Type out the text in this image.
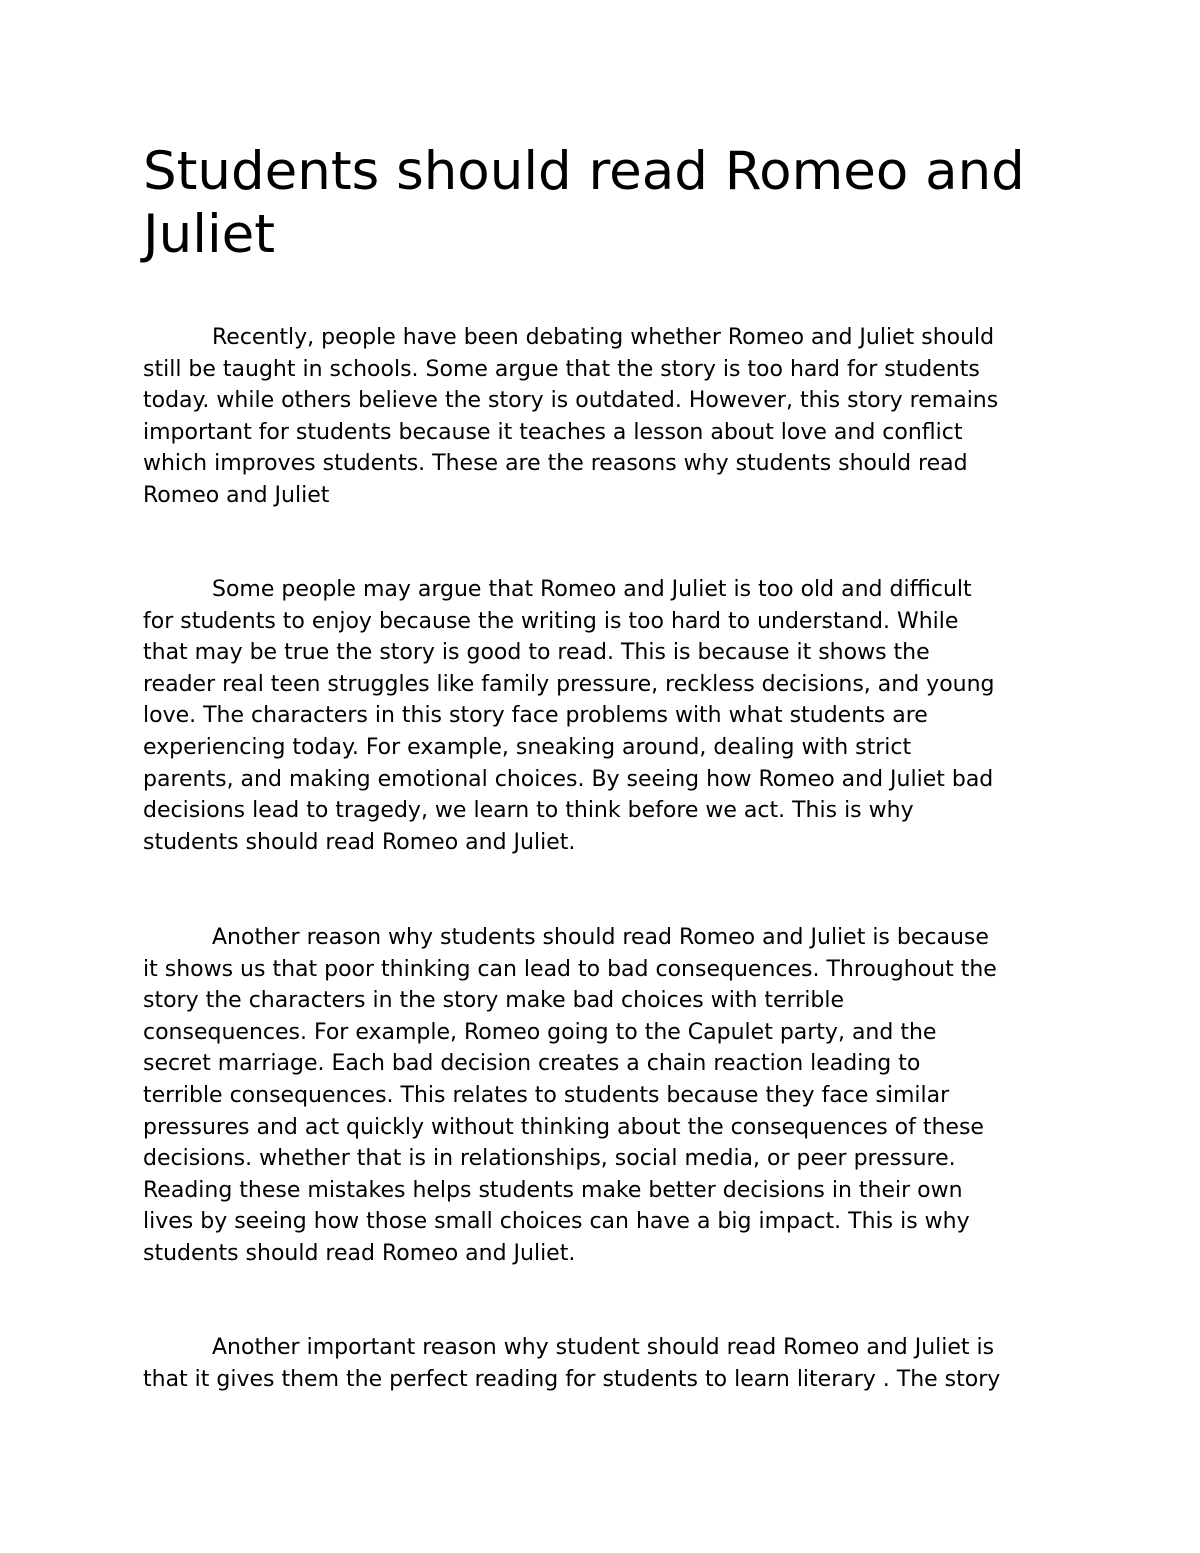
Students should read Romeo and
Juliet

Recently, people have been debating whether Romeo and Juliet should
still be taught in schools. Some argue that the story is too hard for students
today. while others believe the story is outdated. However, this story remains
important for students because it teaches a lesson about love and conflict
which improves students. These are the reasons why students should read
Romeo and Juliet

Some people may argue that Romeo and Juliet is too old and difficult
for students to enjoy because the writing is too hard to understand. While
that may be true the story is good to read. This is because it shows the
reader real teen struggles like family pressure, reckless decisions, and young
love. The characters in this story face problems with what students are
experiencing today. For example, sneaking around, dealing with strict
parents, and making emotional choices. By seeing how Romeo and Juliet bad
decisions lead to tragedy, we learn to think before we act. This is why
students should read Romeo and Juliet.

Another reason why students should read Romeo and Juliet is because
it shows us that poor thinking can lead to bad consequences. Throughout the
story the characters in the story make bad choices with terrible
consequences. For example, Romeo going to the Capulet party, and the
secret marriage. Each bad decision creates a chain reaction leading to
terrible consequences. This relates to students because they face similar
pressures and act quickly without thinking about the consequences of these
decisions. whether that is in relationships, social media, or peer pressure.
Reading these mistakes helps students make better decisions in their own
lives by seeing how those small choices can have a big impact. This is why
students should read Romeo and Juliet.

Another important reason why student should read Romeo and Juliet is
that it gives them the perfect reading for students to learn literary . The story
